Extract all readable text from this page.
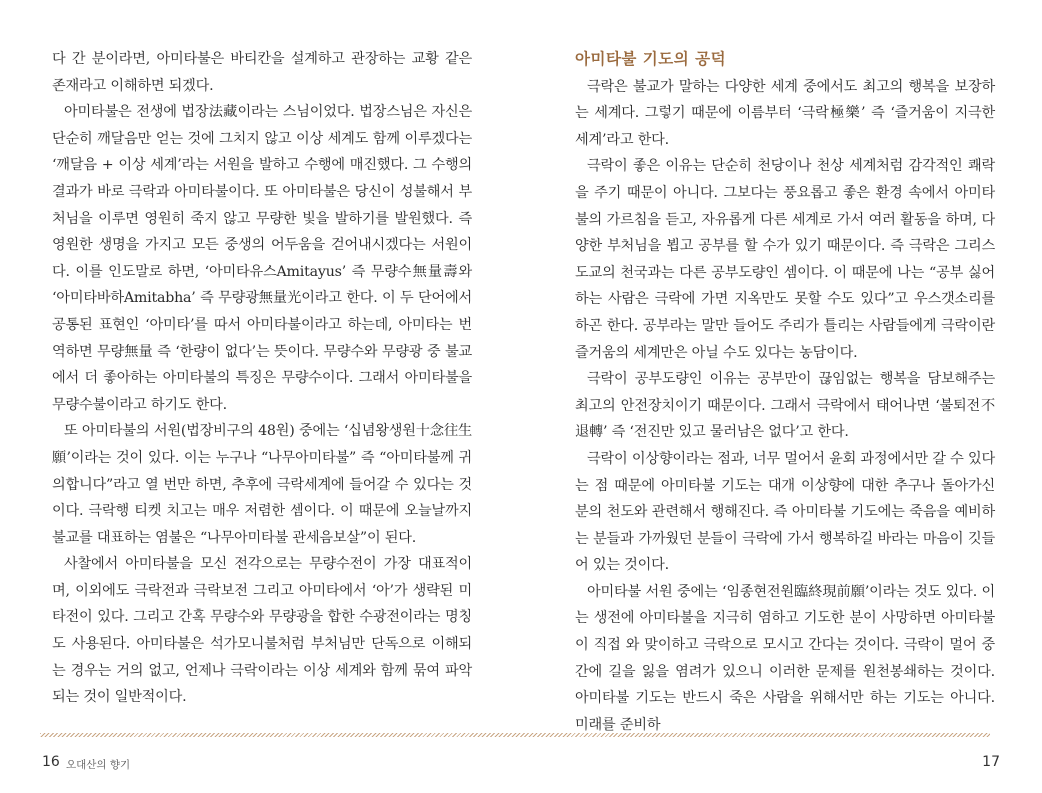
다 간 분이라면, 아미타불은 바티칸을 설계하고 관장하는 교황 같은 존재라고 이해하면 되겠다.

아미타불은 전생에 법장法藏이라는 스님이었다. 법장스님은 자신은 단순히 깨달음만 얻는 것에 그치지 않고 이상 세계도 함께 이루겠다는 ‘깨달음 + 이상 세계’라는 서원을 발하고 수행에 매진했다. 그 수행의 결과가 바로 극락과 아미타불이다. 또 아미타불은 당신이 성불해서 부처님을 이루면 영원히 죽지 않고 무량한 빛을 발하기를 발원했다. 즉 영원한 생명을 가지고 모든 중생의 어두움을 걷어내시겠다는 서원이다. 이를 인도말로 하면, ‘아미타유스Amitayus’ 즉 무량수無量壽와 ‘아미타바하Amitabha’ 즉 무량광無量光이라고 한다. 이 두 단어에서 공통된 표현인 ‘아미타’를 따서 아미타불이라고 하는데, 아미타는 번역하면 무량無量 즉 ‘한량이 없다’는 뜻이다. 무량수와 무량광 중 불교에서 더 좋아하는 아미타불의 특징은 무량수이다. 그래서 아미타불을 무량수불이라고 하기도 한다.

또 아미타불의 서원(법장비구의 48원) 중에는 ‘십념왕생원十念往生願’이라는 것이 있다. 이는 누구나 “나무아미타불” 즉 “아미타불께 귀의합니다”라고 열 번만 하면, 추후에 극락세계에 들어갈 수 있다는 것이다. 극락행 티켓 치고는 매우 저렴한 셈이다. 이 때문에 오늘날까지 불교를 대표하는 염불은 “나무아미타불 관세음보살”이 된다.

사찰에서 아미타불을 모신 전각으로는 무량수전이 가장 대표적이며, 이외에도 극락전과 극락보전 그리고 아미타에서 ‘아’가 생략된 미타전이 있다. 그리고 간혹 무량수와 무량광을 합한 수광전이라는 명칭도 사용된다. 아미타불은 석가모니불처럼 부처님만 단독으로 이해되는 경우는 거의 없고, 언제나 극락이라는 이상 세계와 함께 묶여 파악되는 것이 일반적이다.

아미타불 기도의 공덕

극락은 불교가 말하는 다양한 세계 중에서도 최고의 행복을 보장하는 세계다. 그렇기 때문에 이름부터 ‘극락極樂’ 즉 ‘즐거움이 지극한 세계’라고 한다.

극락이 좋은 이유는 단순히 천당이나 천상 세계처럼 감각적인 쾌락을 주기 때문이 아니다. 그보다는 풍요롭고 좋은 환경 속에서 아미타불의 가르침을 듣고, 자유롭게 다른 세계로 가서 여러 활동을 하며, 다양한 부처님을 뵙고 공부를 할 수가 있기 때문이다. 즉 극락은 그리스도교의 천국과는 다른 공부도량인 셈이다. 이 때문에 나는 “공부 싫어하는 사람은 극락에 가면 지옥만도 못할 수도 있다”고 우스갯소리를 하곤 한다. 공부라는 말만 들어도 주리가 틀리는 사람들에게 극락이란 즐거움의 세계만은 아닐 수도 있다는 농담이다.

극락이 공부도량인 이유는 공부만이 끊임없는 행복을 담보해주는 최고의 안전장치이기 때문이다. 그래서 극락에서 태어나면 ‘불퇴전不退轉’ 즉 ‘전진만 있고 물러남은 없다’고 한다.

극락이 이상향이라는 점과, 너무 멀어서 윤회 과정에서만 갈 수 있다는 점 때문에 아미타불 기도는 대개 이상향에 대한 추구나 돌아가신 분의 천도와 관련해서 행해진다. 즉 아미타불 기도에는 죽음을 예비하는 분들과 가까웠던 분들이 극락에 가서 행복하길 바라는 마음이 깃들어 있는 것이다.

아미타불 서원 중에는 ‘임종현전원臨終現前願’이라는 것도 있다. 이는 생전에 아미타불을 지극히 염하고 기도한 분이 사망하면 아미타불이 직접 와 맞이하고 극락으로 모시고 간다는 것이다. 극락이 멀어 중간에 길을 잃을 염려가 있으니 이러한 문제를 원천봉쇄하는 것이다. 아미타불 기도는 반드시 죽은 사람을 위해서만 하는 기도는 아니다. 미래를 준비하

16 오대산의 향기	17
